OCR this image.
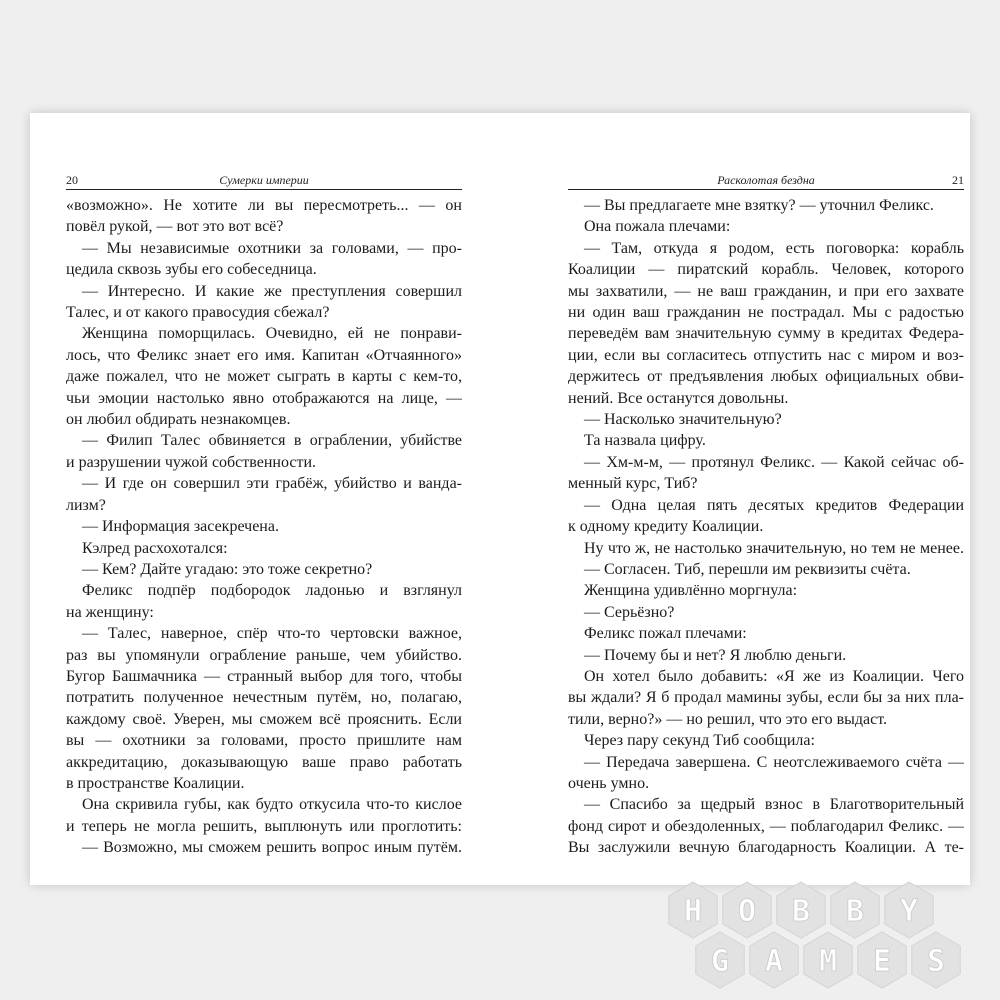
20	Сумерки империи
«возможно». Не хотите ли вы пересмотреть... — он
повёл рукой, — вот это вот всё?
— Мы независимые охотники за головами, — про-
цедила сквозь зубы его собеседница.
— Интересно. И какие же преступления совершил
Талес, и от какого правосудия сбежал?
Женщина поморщилась. Очевидно, ей не понрави-
лось, что Феликс знает его имя. Капитан «Отчаянного»
даже пожалел, что не может сыграть в карты с кем-то,
чьи эмоции настолько явно отображаются на лице, —
он любил обдирать незнакомцев.
— Филип Талес обвиняется в ограблении, убийстве
и разрушении чужой собственности.
— И где он совершил эти грабёж, убийство и ванда-
лизм?
— Информация засекречена.
Кэлред расхохотался:
— Кем? Дайте угадаю: это тоже секретно?
Феликс подпёр подбородок ладонью и взглянул
на женщину:
— Талес, наверное, спёр что-то чертовски важное,
раз вы упомянули ограбление раньше, чем убийство.
Бугор Башмачника — странный выбор для того, чтобы
потратить полученное нечестным путём, но, полагаю,
каждому своё. Уверен, мы сможем всё прояснить. Если
вы — охотники за головами, просто пришлите нам
аккредитацию, доказывающую ваше право работать
в пространстве Коалиции.
Она скривила губы, как будто откусила что-то кислое
и теперь не могла решить, выплюнуть или проглотить:
— Возможно, мы сможем решить вопрос иным путём.
Расколотая бездна	21
— Вы предлагаете мне взятку? — уточнил Феликс.
Она пожала плечами:
— Там, откуда я родом, есть поговорка: корабль
Коалиции — пиратский корабль. Человек, которого
мы захватили, — не ваш гражданин, и при его захвате
ни один ваш гражданин не пострадал. Мы с радостью
переведём вам значительную сумму в кредитах Федера-
ции, если вы согласитесь отпустить нас с миром и воз-
держитесь от предъявления любых официальных обви-
нений. Все останутся довольны.
— Насколько значительную?
Та назвала цифру.
— Хм-м-м, — протянул Феликс. — Какой сейчас об-
менный курс, Тиб?
— Одна целая пять десятых кредитов Федерации
к одному кредиту Коалиции.
Ну что ж, не настолько значительную, но тем не менее.
— Согласен. Тиб, перешли им реквизиты счёта.
Женщина удивлённо моргнула:
— Серьёзно?
Феликс пожал плечами:
— Почему бы и нет? Я люблю деньги.
Он хотел было добавить: «Я же из Коалиции. Чего
вы ждали? Я б продал мамины зубы, если бы за них пла-
тили, верно?» — но решил, что это его выдаст.
Через пару секунд Тиб сообщила:
— Передача завершена. С неотслеживаемого счёта —
очень умно.
— Спасибо за щедрый взнос в Благотворительный
фонд сирот и обездоленных, — поблагодарил Феликс. —
Вы заслужили вечную благодарность Коалиции. А те-
H O B B Y
G A M E S
